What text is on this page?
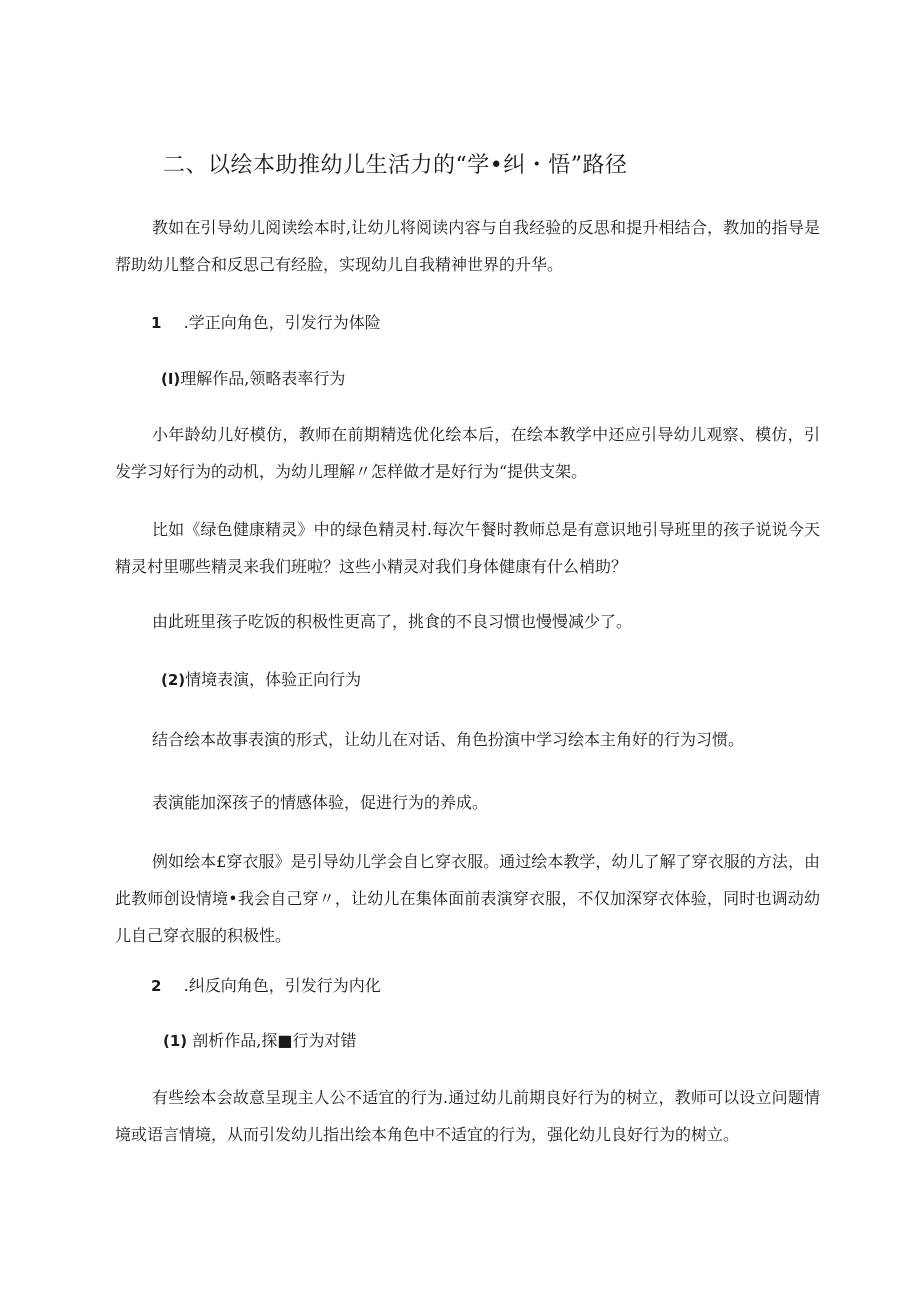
二、以绘本助推幼儿生活力的“学•纠・悟”路径
教如在引导幼儿阅读绘本时,让幼儿将阅读内容与自我经验的反思和提升相结合，教加的指导是帮助幼儿整合和反思己有经脸，实现幼儿自我精神世界的升华。
1 .学正向角色，引发行为体险
(I)理解作品,领略表率行为
小年龄幼儿好模仿，教师在前期精选优化绘本后，在绘本教学中还应引导幼儿观察、模仿，引发学习好行为的动机，为幼儿理解〃怎样做才是好行为“提供支架。
比如《绿色健康精灵》中的绿色精灵村.每次午餐时教师总是有意识地引导班里的孩子说说今天精灵村里哪些精灵来我们班啦？这些小精灵对我们身体健康有什么梢助？
由此班里孩子吃饭的积极性更高了，挑食的不良习惯也慢慢减少了。
(2)情境表演，体验正向行为
结合绘本故事表演的形式，让幼儿在对话、角色扮演中学习绘本主角好的行为习惯。
表演能加深孩子的情感体验，促进行为的养成。
例如绘本£穿衣服》是引导幼儿学会自匕穿衣服。通过绘本教学，幼儿了解了穿衣服的方法，由此教师创设情境•我会自己穿〃，让幼儿在集体面前表演穿衣服，不仅加深穿衣体验，同时也调动幼儿自己穿衣服的积极性。
2 .纠反向角色，引发行为内化
(1) 剖析作品,探■行为对错
有些绘本会故意呈现主人公不适宜的行为.通过幼儿前期良好行为的树立，教师可以设立问题情境或语言情境，从而引发幼儿指出绘本角色中不适宜的行为，强化幼儿良好行为的树立。
